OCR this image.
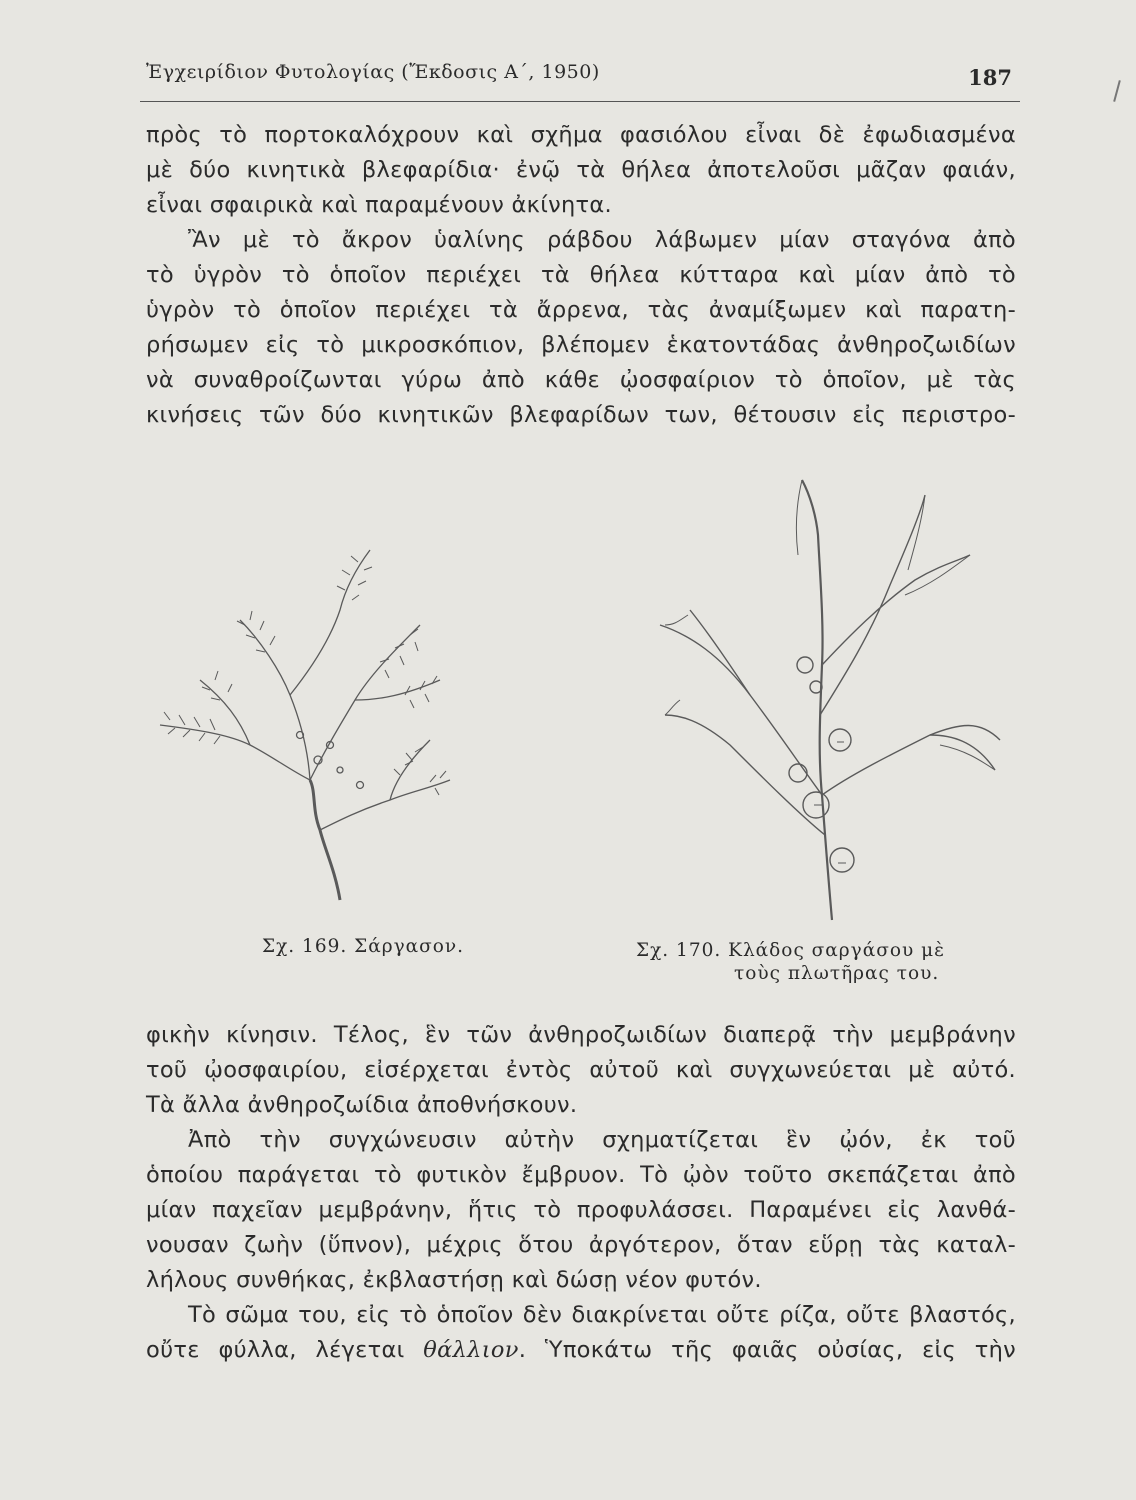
Ἐγχειρίδιον Φυτολογίας (Ἔκδοσις Α΄, 1950)	187

πρὸς τὸ πορτοκαλόχρουν καὶ σχῆμα φασιόλου εἶναι δὲ ἐφωδιασμένα
μὲ δύο κινητικὰ βλεφαρίδια· ἐνῷ τὰ θήλεα ἀποτελοῦσι μᾶζαν φαιάν,
εἶναι σφαιρικὰ καὶ παραμένουν ἀκίνητα.

Ἂν μὲ τὸ ἄκρον ὑαλίνης ράβδου λάβωμεν μίαν σταγόνα ἀπὸ
τὸ ὑγρὸν τὸ ὁποῖον περιέχει τὰ θήλεα κύτταρα καὶ μίαν ἀπὸ τὸ
ὑγρὸν τὸ ὁποῖον περιέχει τὰ ἄρρενα, τὰς ἀναμίξωμεν καὶ παρατη-
ρήσωμεν εἰς τὸ μικροσκόπιον, βλέπομεν ἑκατοντάδας ἀνθηροζωιδίων
νὰ συναθροίζωνται γύρω ἀπὸ κάθε ᾠοσφαίριον τὸ ὁποῖον, μὲ τὰς
κινήσεις τῶν δύο κινητικῶν βλεφαρίδων των, θέτουσιν εἰς περιστρο-

Σχ. 169. Σάργασον.	Σχ. 170. Κλάδος σαργάσου μὲ
τοὺς πλωτῆρας του.

φικὴν κίνησιν. Τέλος, ἓν τῶν ἀνθηροζωιδίων διαπερᾷ τὴν μεμβράνην
τοῦ ᾠοσφαιρίου, εἰσέρχεται ἐντὸς αὐτοῦ καὶ συγχωνεύεται μὲ αὐτό.
Τὰ ἄλλα ἀνθηροζωίδια ἀποθνήσκουν.

Ἀπὸ τὴν συγχώνευσιν αὐτὴν σχηματίζεται ἓν ᾠόν, ἐκ τοῦ
ὁποίου παράγεται τὸ φυτικὸν ἔμβρυον. Τὸ ᾠὸν τοῦτο σκεπάζεται ἀπὸ
μίαν παχεῖαν μεμβράνην, ἥτις τὸ προφυλάσσει. Παραμένει εἰς λανθά-
νουσαν ζωὴν (ὕπνον), μέχρις ὅτου ἀργότερον, ὅταν εὕρῃ τὰς καταλ-
λήλους συνθήκας, ἐκβλαστήσῃ καὶ δώσῃ νέον φυτόν.

Τὸ σῶμα του, εἰς τὸ ὁποῖον δὲν διακρίνεται οὔτε ρίζα, οὔτε βλαστός,
οὔτε φύλλα, λέγεται θάλλιον. Ὑποκάτω τῆς φαιᾶς οὐσίας, εἰς τὴν
